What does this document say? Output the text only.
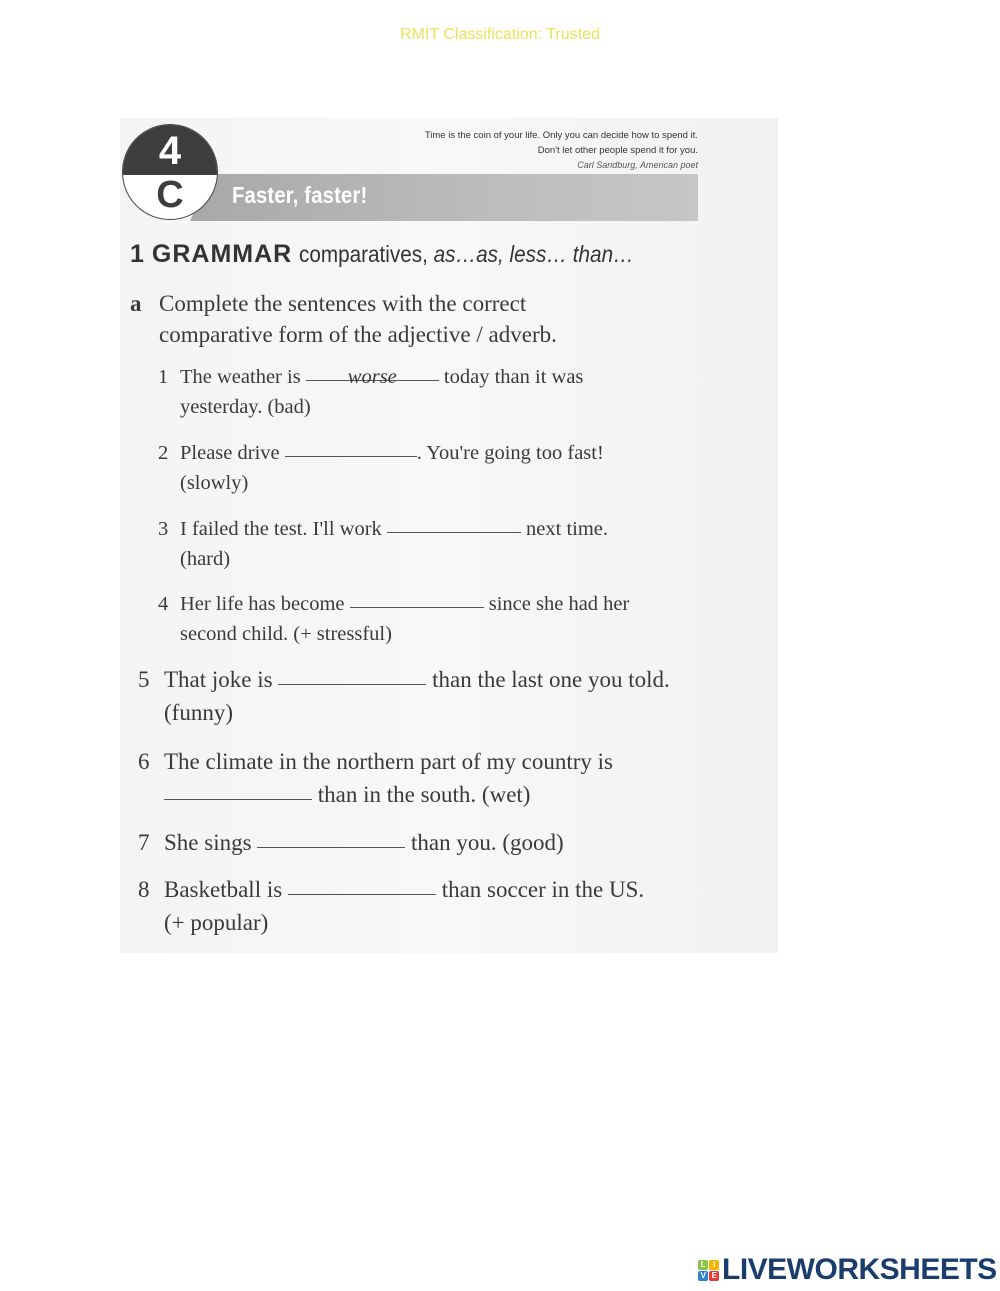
RMIT Classification: Trusted
Time is the coin of your life. Only you can decide how to spend it.
Don't let other people spend it for you.
Carl Sandburg, American poet
Faster, faster!
4
C
1 GRAMMAR comparatives, as…as, less… than…
a Complete the sentences with the correct
comparative form of the adjective / adverb.
1 The weather is worse today than it was
yesterday. (bad)
2 Please drive	. You're going too fast!
(slowly)
3 I failed the test. I'll work	next time.
(hard)
4 Her life has become	since she had her
second child. (+ stressful)
5 That joke is	than the last one you told.
(funny)
6 The climate in the northern part of my country is
than in the south. (wet)
7 She sings	than you. (good)
8 Basketball is	than soccer in the US.
(+ popular)
L I
V E LIVEWORKSHEETS
